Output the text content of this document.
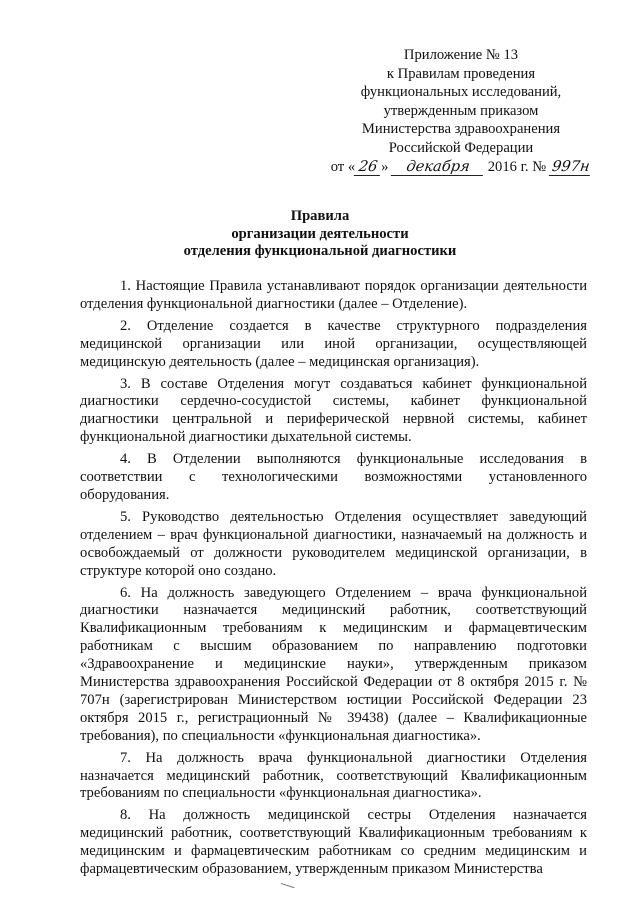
Приложение № 13
к Правилам проведения
функциональных исследований,
утвержденным приказом
Министерства здравоохранения
Российской Федерации
от « 26 » декабря 2016 г. № 997н
Правила
организации деятельности
отделения функциональной диагностики

1. Настоящие Правила устанавливают порядок организации деятельности отделения функциональной диагностики (далее – Отделение).

2. Отделение создается в качестве структурного подразделения медицинской организации или иной организации, осуществляющей медицинскую деятельность (далее – медицинская организация).

3. В составе Отделения могут создаваться кабинет функциональной диагностики сердечно-сосудистой системы, кабинет функциональной диагностики центральной и периферической нервной системы, кабинет функциональной диагностики дыхательной системы.

4. В Отделении выполняются функциональные исследования в соответствии с технологическими возможностями установленного оборудования.

5. Руководство деятельностью Отделения осуществляет заведующий отделением – врач функциональной диагностики, назначаемый на должность и освобождаемый от должности руководителем медицинской организации, в структуре которой оно создано.

6. На должность заведующего Отделением – врача функциональной диагностики назначается медицинский работник, соответствующий Квалификационным требованиям к медицинским и фармацевтическим работникам с высшим образованием по направлению подготовки «Здравоохранение и медицинские науки», утвержденным приказом Министерства здравоохранения Российской Федерации от 8 октября 2015 г. № 707н (зарегистрирован Министерством юстиции Российской Федерации 23 октября 2015 г., регистрационный № 39438) (далее – Квалификационные требования), по специальности «функциональная диагностика».

7. На должность врача функциональной диагностики Отделения назначается медицинский работник, соответствующий Квалификационным требованиям по специальности «функциональная диагностика».

8. На должность медицинской сестры Отделения назначается медицинский работник, соответствующий Квалификационным требованиям к медицинским и фармацевтическим работникам со средним медицинским и фармацевтическим образованием, утвержденным приказом Министерства
